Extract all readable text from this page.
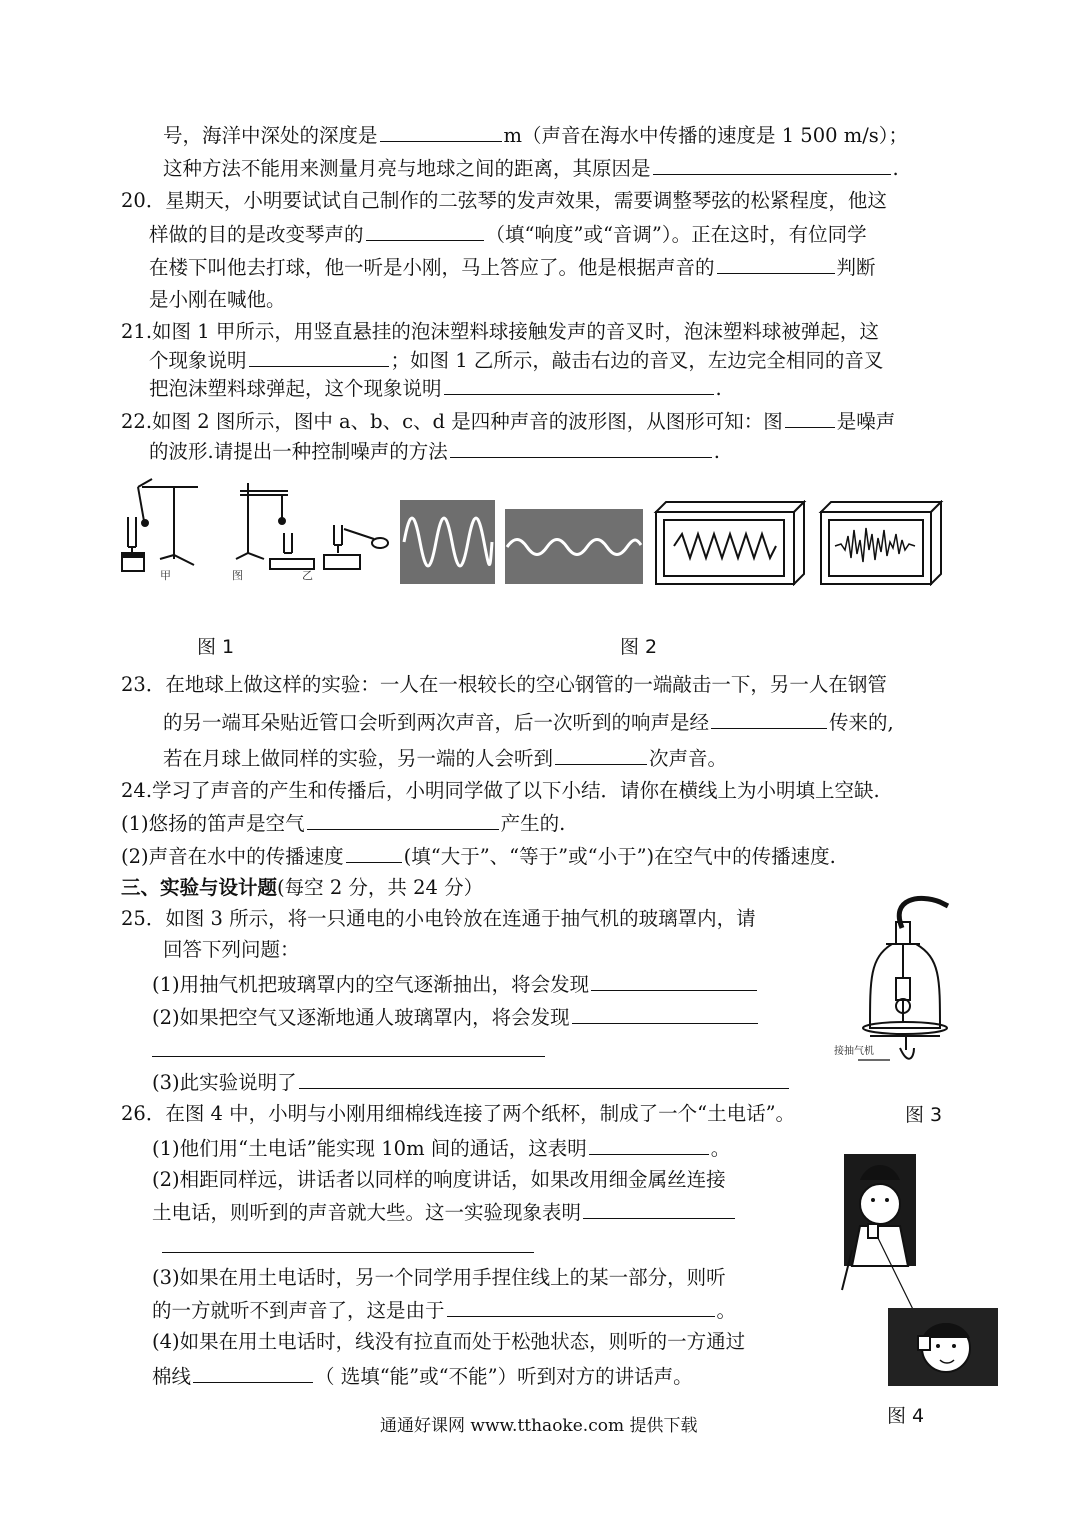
号，海洋中深处的深度是	m（声音在海水中传播的速度是 1 500 m/s）；
这种方法不能用来测量月亮与地球之间的距离，其原因是	.
20．星期天，小明要试试自己制作的二弦琴的发声效果，需要调整琴弦的松紧程度，他这
样做的目的是改变琴声的	（填“响度”或“音调”）。正在这时，有位同学
在楼下叫他去打球，他一听是小刚，马上答应了。他是根据声音的	判断
是小刚在喊他。
21.如图 1 甲所示，用竖直悬挂的泡沫塑料球接触发声的音叉时，泡沫塑料球被弹起，这
个现象说明	；如图 1 乙所示，敲击右边的音叉，左边完全相同的音叉
把泡沫塑料球弹起，这个现象说明	.
22.如图 2 图所示，图中 a、b、c、d 是四种声音的波形图，从图形可知：图	是噪声
的波形.请提出一种控制噪声的方法	.
甲	图	乙
图 1	图 2
23．在地球上做这样的实验：一人在一根较长的空心钢管的一端敲击一下，另一人在钢管
的另一端耳朵贴近管口会听到两次声音，后一次听到的响声是经	传来的,
若在月球上做同样的实验，另一端的人会听到	次声音。
24.学习了声音的产生和传播后，小明同学做了以下小结．请你在横线上为小明填上空缺.
(1)悠扬的笛声是空气	产生的.
(2)声音在水中的传播速度	(填“大于”、“等于”或“小于”)在空气中的传播速度.
三、实验与设计题(每空 2 分，共 24 分）
25．如图 3 所示，将一只通电的小电铃放在连通于抽气机的玻璃罩内，请
回答下列问题：
(1)用抽气机把玻璃罩内的空气逐渐抽出，将会发现
(2)如果把空气又逐渐地通人玻璃罩内，将会发现
(3)此实验说明了
接抽气机
图 3
26．在图 4 中，小明与小刚用细棉线连接了两个纸杯，制成了一个“土电话”。
(1)他们用“土电话”能实现 10m 间的通话，这表明	。
(2)相距同样远，讲话者以同样的响度讲话，如果改用细金属丝连接
土电话，则听到的声音就大些。这一实验现象表明
(3)如果在用土电话时，另一个同学用手捏住线上的某一部分，则听
的一方就听不到声音了，这是由于	。
(4)如果在用土电话时，线没有拉直而处于松弛状态，则听的一方通过
棉线	（ 选填“能”或“不能”）听到对方的讲话声。
图 4
通通好课网 www.tthaoke.com 提供下载
